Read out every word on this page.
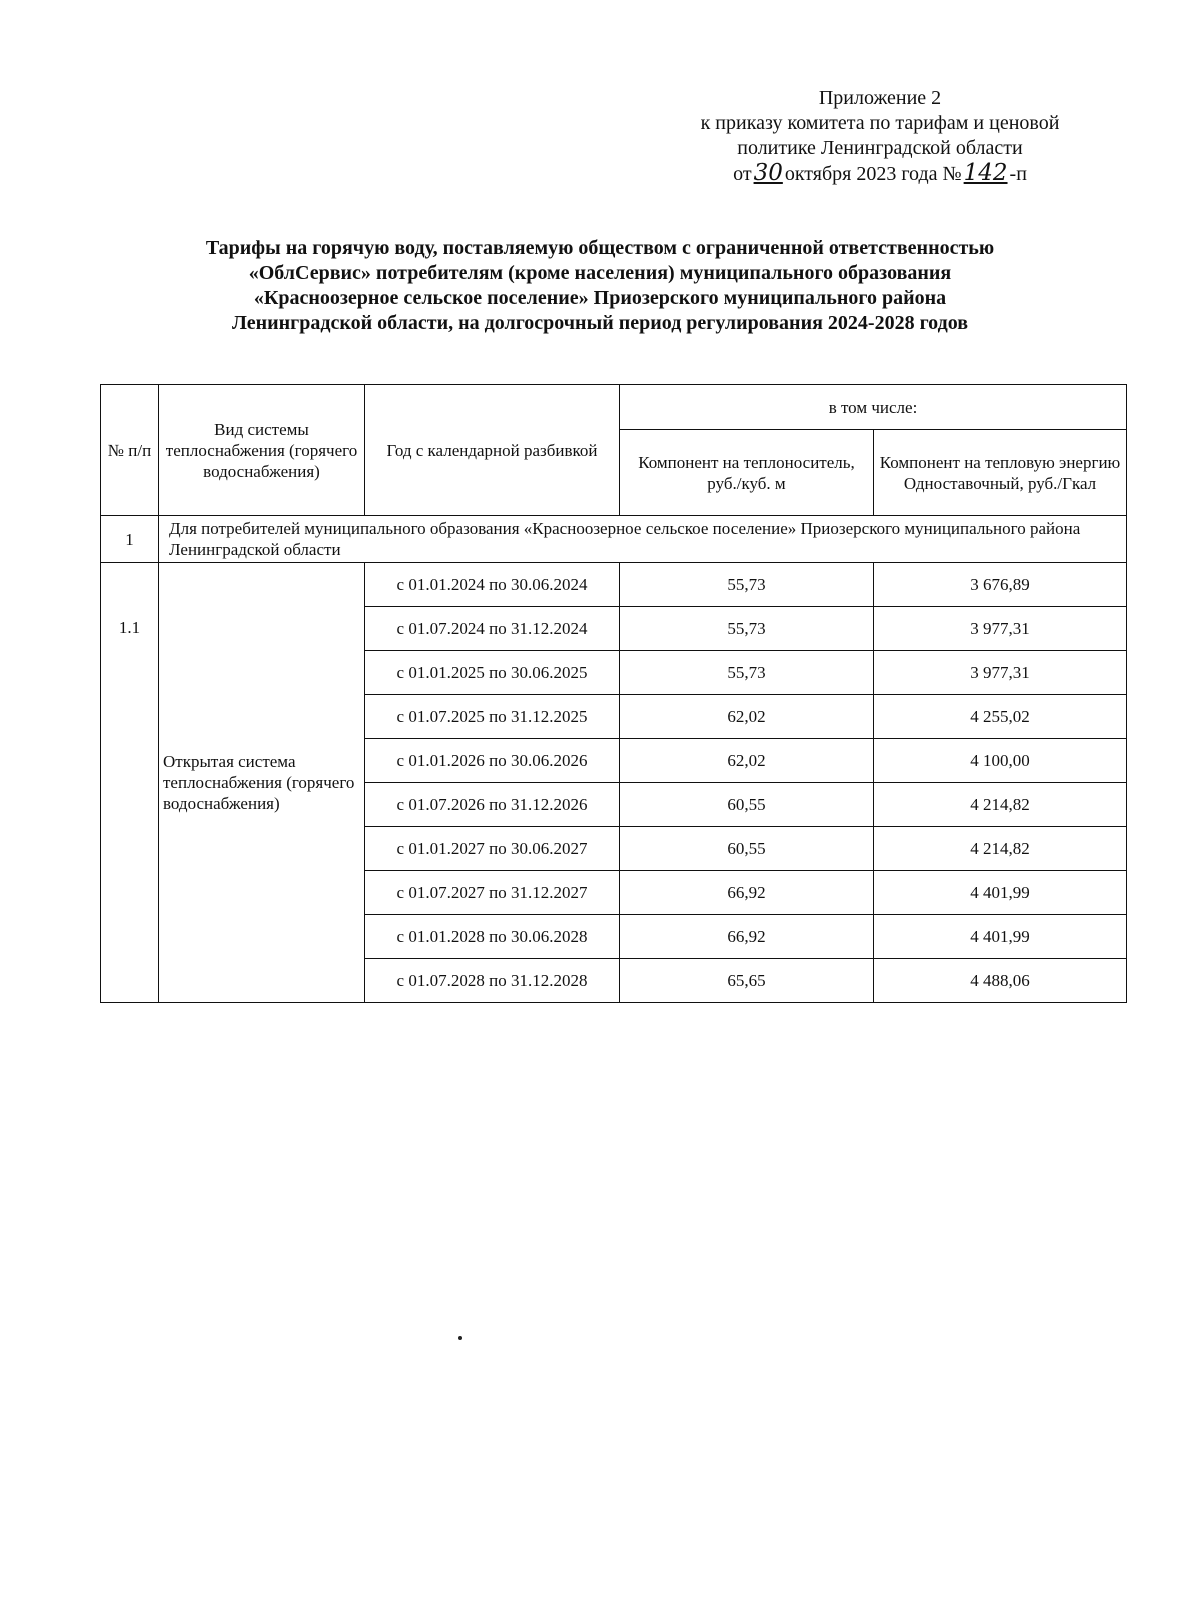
Приложение 2
к приказу комитета по тарифам и ценовой
политике Ленинградской области
от30 октября 2023 года №142 -п
Тарифы на горячую воду, поставляемую обществом с ограниченной ответственностью
«ОблСервис» потребителям (кроме населения) муниципального образования
«Красноозерное сельское поселение» Приозерского муниципального района
Ленинградской области, на долгосрочный период регулирования 2024-2028 годов
№ п/п	Вид системы теплоснабжения (горячего водоснабжения)	Год с календарной разбивкой	в том числе:	
			Компонент на теплоноситель, руб./куб. м	Компонент на тепловую энергию Одноставочный, руб./Гкал
1	Для потребителей муниципального образования «Красноозерное сельское поселение» Приозерского муниципального района Ленинградской области			
1.1	Открытая система теплоснабжения (горячего водоснабжения)	с 01.01.2024 по 30.06.2024	55,73	3 676,89
		с 01.07.2024 по 31.12.2024	55,73	3 977,31
		с 01.01.2025 по 30.06.2025	55,73	3 977,31
		с 01.07.2025 по 31.12.2025	62,02	4 255,02
		с 01.01.2026 по 30.06.2026	62,02	4 100,00
		с 01.07.2026 по 31.12.2026	60,55	4 214,82
		с 01.01.2027 по 30.06.2027	60,55	4 214,82
		с 01.07.2027 по 31.12.2027	66,92	4 401,99
		с 01.01.2028 по 30.06.2028	66,92	4 401,99
		с 01.07.2028 по 31.12.2028	65,65	4 488,06
